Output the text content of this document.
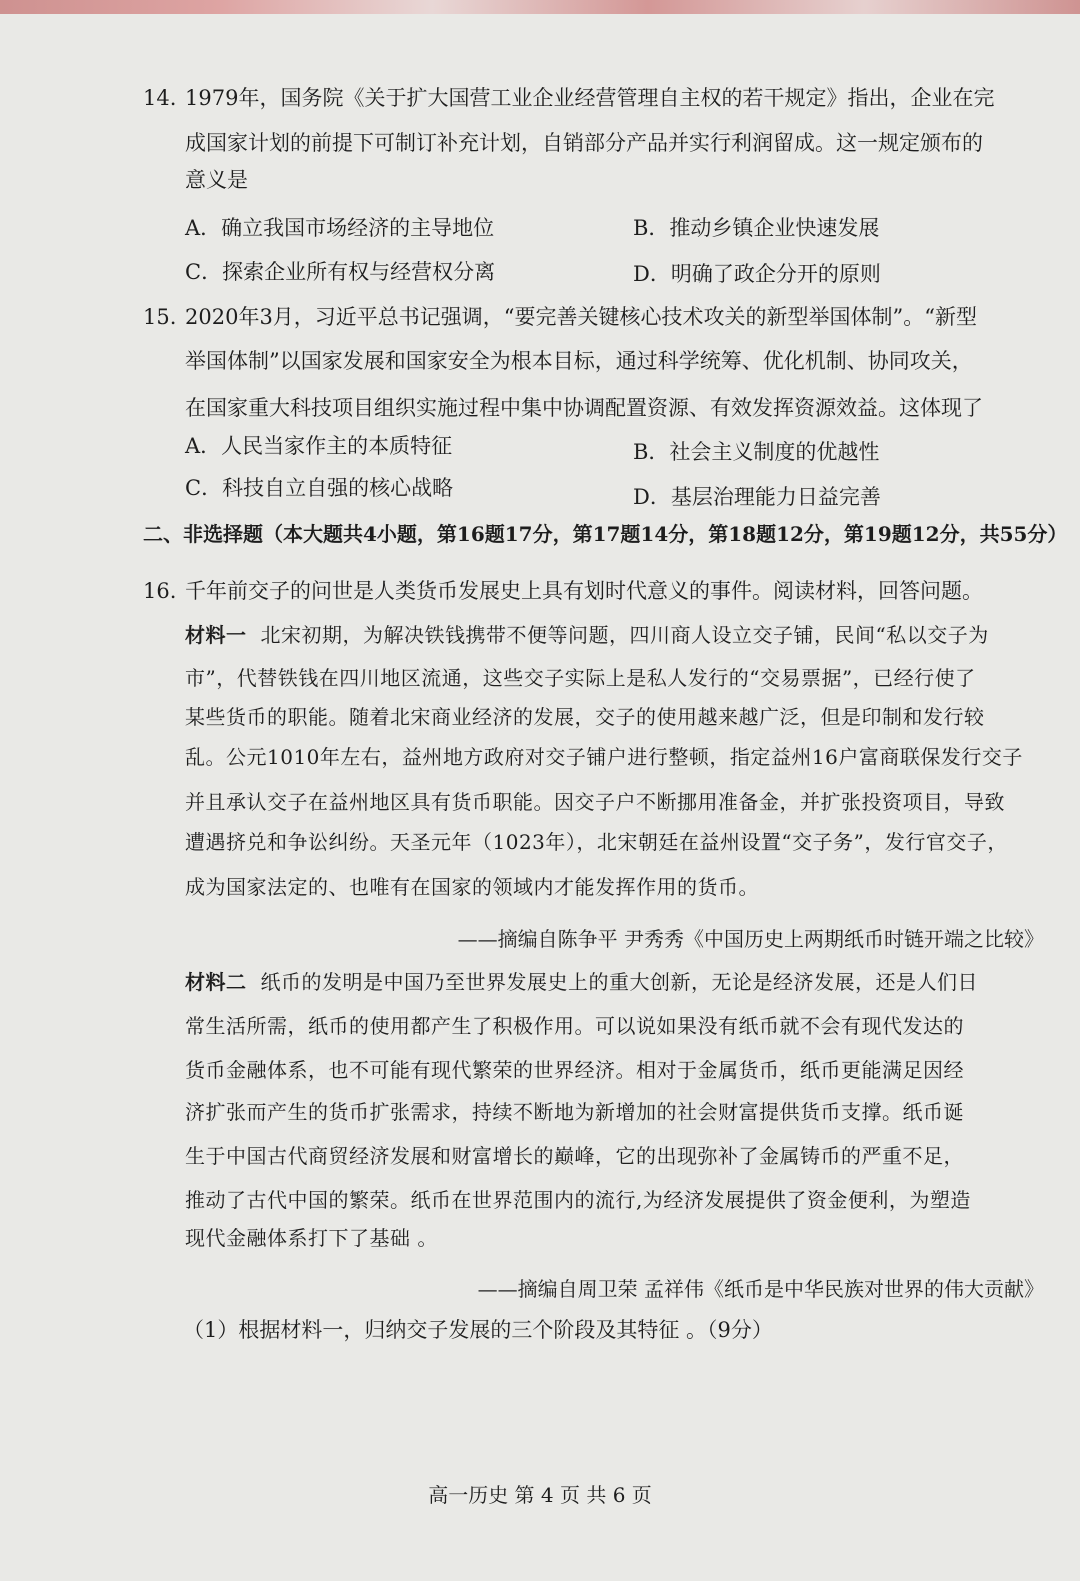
14. 1979年，国务院《关于扩大国营工业企业经营管理自主权的若干规定》指出，企业在完
成国家计划的前提下可制订补充计划，自销部分产品并实行利润留成。这一规定颁布的
意义是
A．确立我国市场经济的主导地位	B．推动乡镇企业快速发展
C．探索企业所有权与经营权分离	D．明确了政企分开的原则
15. 2020年3月，习近平总书记强调，“要完善关键核心技术攻关的新型举国体制”。“新型
举国体制”以国家发展和国家安全为根本目标，通过科学统筹、优化机制、协同攻关，
在国家重大科技项目组织实施过程中集中协调配置资源、有效发挥资源效益。这体现了
A．人民当家作主的本质特征	B．社会主义制度的优越性
C．科技自立自强的核心战略	D．基层治理能力日益完善
二、非选择题（本大题共4小题，第16题17分，第17题14分，第18题12分，第19题12分，共55分）
16. 千年前交子的问世是人类货币发展史上具有划时代意义的事件。阅读材料，回答问题。
材料一 北宋初期，为解决铁钱携带不便等问题，四川商人设立交子铺，民间“私以交子为
市”，代替铁钱在四川地区流通，这些交子实际上是私人发行的“交易票据”，已经行使了
某些货币的职能。随着北宋商业经济的发展，交子的使用越来越广泛，但是印制和发行较
乱。公元1010年左右，益州地方政府对交子铺户进行整顿，指定益州16户富商联保发行交子
并且承认交子在益州地区具有货币职能。因交子户不断挪用准备金，并扩张投资项目，导致
遭遇挤兑和争讼纠纷。天圣元年（1023年），北宋朝廷在益州设置“交子务”，发行官交子，
成为国家法定的、也唯有在国家的领域内才能发挥作用的货币。
——摘编自陈争平 尹秀秀《中国历史上两期纸币时链开端之比较》
材料二 纸币的发明是中国乃至世界发展史上的重大创新，无论是经济发展，还是人们日
常生活所需，纸币的使用都产生了积极作用。可以说如果没有纸币就不会有现代发达的
货币金融体系，也不可能有现代繁荣的世界经济。相对于金属货币，纸币更能满足因经
济扩张而产生的货币扩张需求，持续不断地为新增加的社会财富提供货币支撑。纸币诞
生于中国古代商贸经济发展和财富增长的巅峰，它的出现弥补了金属铸币的严重不足，
推动了古代中国的繁荣。纸币在世界范围内的流行,为经济发展提供了资金便利，为塑造
现代金融体系打下了基础 。
——摘编自周卫荣 孟祥伟《纸币是中华民族对世界的伟大贡献》
（1）根据材料一，归纳交子发展的三个阶段及其特征 。（9分）
高一历史 第 4 页 共 6 页
